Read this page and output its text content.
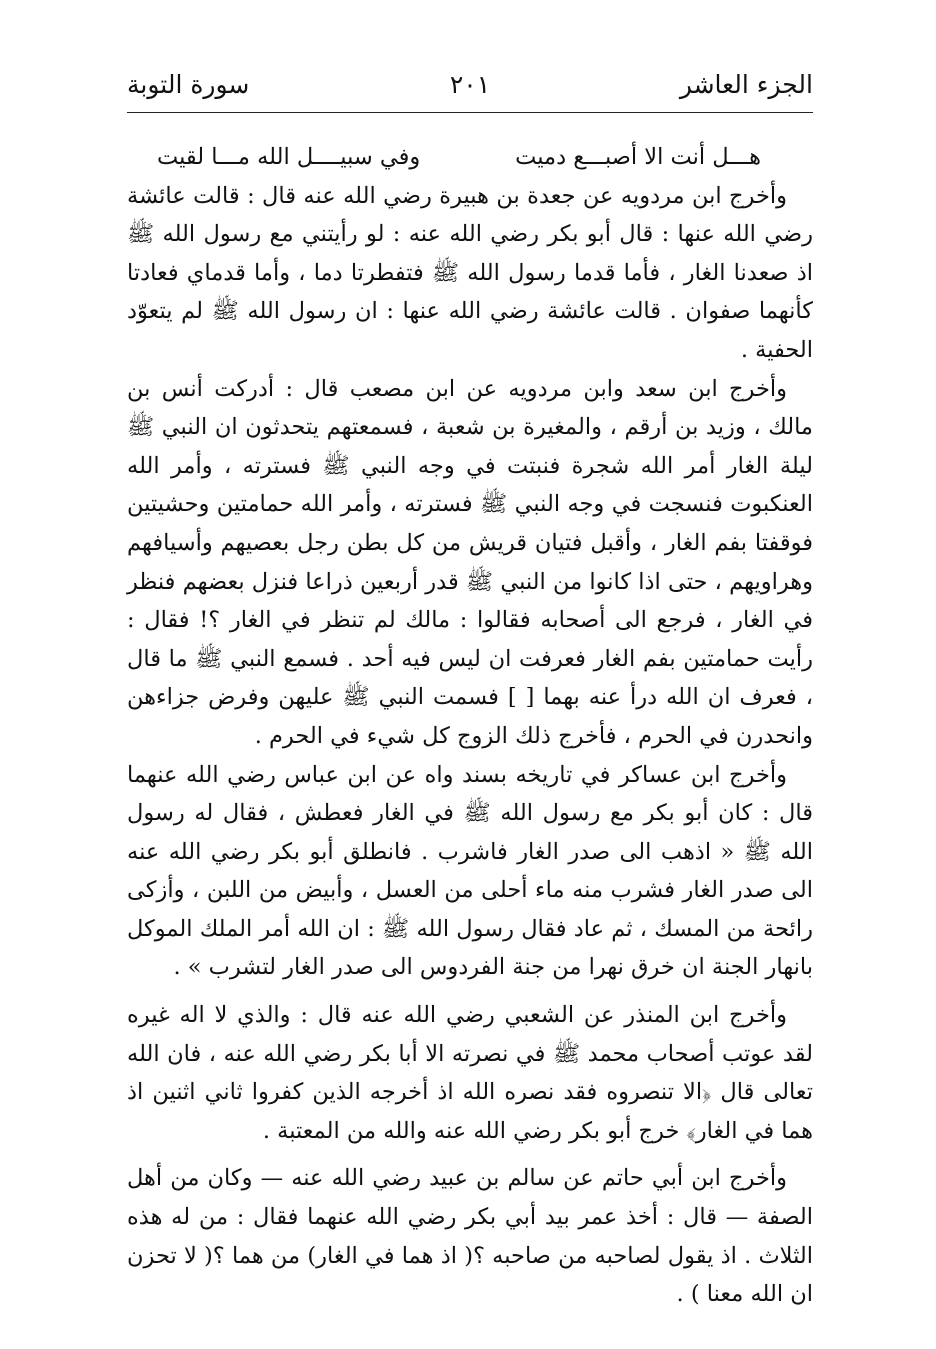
الجزء العاشر
٢٠١
سورة التوبة

هـــل أنت الا أصبـــع دميت
وفي سبيــــل الله مـــا لقيت

وأخرج ابن مردويه عن جعدة بن هبيرة رضي الله عنه قال : قالت عائشة رضي الله عنها : قال أبو بكر رضي الله عنه : لو رأيتني مع رسول الله ﷺ اذ صعدنا الغار ، فأما قدما رسول الله ﷺ فتفطرتا دما ، وأما قدماي فعادتا كأنهما صفوان . قالت عائشة رضي الله عنها : ان رسول الله ﷺ لم يتعوّد الحفية .

وأخرج ابن سعد وابن مردويه عن ابن مصعب قال : أدركت أنس بن مالك ، وزيد بن أرقم ، والمغيرة بن شعبة ، فسمعتهم يتحدثون ان النبي ﷺ ليلة الغار أمر الله شجرة فنبتت في وجه النبي ﷺ فسترته ، وأمر الله العنكبوت فنسجت في وجه النبي ﷺ فسترته ، وأمر الله حمامتين وحشيتين فوقفتا بفم الغار ، وأقبل فتيان قريش من كل بطن رجل بعصيهم وأسيافهم وهراويهم ، حتى اذا كانوا من النبي ﷺ قدر أربعين ذراعا فنزل بعضهم فنظر في الغار ، فرجع الى أصحابه فقالوا : مالك لم تنظر في الغار ؟! فقال : رأيت حمامتين بفم الغار فعرفت ان ليس فيه أحد . فسمع النبي ﷺ ما قال ، فعرف ان الله درأ عنه بهما [ ] فسمت النبي ﷺ عليهن وفرض جزاءهن وانحدرن في الحرم ، فأخرج ذلك الزوج كل شيء في الحرم .

وأخرج ابن عساكر في تاريخه بسند واه عن ابن عباس رضي الله عنهما قال : كان أبو بكر مع رسول الله ﷺ في الغار فعطش ، فقال له رسول الله ﷺ « اذهب الى صدر الغار فاشرب . فانطلق أبو بكر رضي الله عنه الى صدر الغار فشرب منه ماء أحلى من العسل ، وأبيض من اللبن ، وأزكى رائحة من المسك ، ثم عاد فقال رسول الله ﷺ : ان الله أمر الملك الموكل بانهار الجنة ان خرق نهرا من جنة الفردوس الى صدر الغار لتشرب » .

وأخرج ابن المنذر عن الشعبي رضي الله عنه قال : والذي لا اله غيره لقد عوتب أصحاب محمد ﷺ في نصرته الا أبا بكر رضي الله عنه ، فان الله تعالى قال ﴿الا تنصروه فقد نصره الله اذ أخرجه الذين كفروا ثاني اثنين اذ هما في الغار﴾ خرج أبو بكر رضي الله عنه والله من المعتبة .

وأخرج ابن أبي حاتم عن سالم بن عبيد رضي الله عنه — وكان من أهل الصفة — قال : أخذ عمر بيد أبي بكر رضي الله عنهما فقال : من له هذه الثلاث . اذ يقول لصاحبه من صاحبه ؟( اذ هما في الغار) من هما ؟( لا تحزن ان الله معنا ) .
